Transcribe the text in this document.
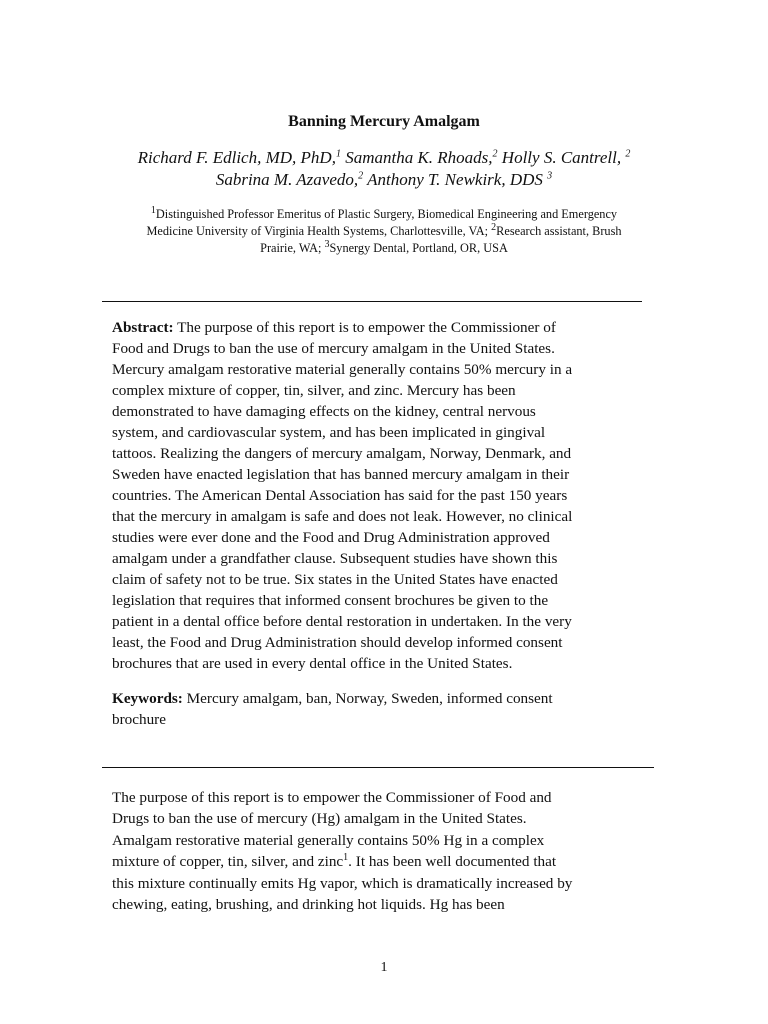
Banning Mercury Amalgam
Richard F. Edlich, MD, PhD,$^1$ Samantha K. Rhoads,$^2$ Holly S. Cantrell, $^2$
Sabrina M. Azavedo,$^2$ Anthony T. Newkirk, DDS $^3$
$^1$Distinguished Professor Emeritus of Plastic Surgery, Biomedical Engineering and Emergency
Medicine University of Virginia Health Systems, Charlottesville, VA; $^2$Research assistant, Brush
Prairie, WA; $^3$Synergy Dental, Portland, OR, USA
Abstract: The purpose of this report is to empower the Commissioner of
Food and Drugs to ban the use of mercury amalgam in the United States.
Mercury amalgam restorative material generally contains 50% mercury in a
complex mixture of copper, tin, silver, and zinc. Mercury has been
demonstrated to have damaging effects on the kidney, central nervous
system, and cardiovascular system, and has been implicated in gingival
tattoos. Realizing the dangers of mercury amalgam, Norway, Denmark, and
Sweden have enacted legislation that has banned mercury amalgam in their
countries. The American Dental Association has said for the past 150 years
that the mercury in amalgam is safe and does not leak. However, no clinical
studies were ever done and the Food and Drug Administration approved
amalgam under a grandfather clause. Subsequent studies have shown this
claim of safety not to be true. Six states in the United States have enacted
legislation that requires that informed consent brochures be given to the
patient in a dental office before dental restoration in undertaken. In the very
least, the Food and Drug Administration should develop informed consent
brochures that are used in every dental office in the United States.
Keywords: Mercury amalgam, ban, Norway, Sweden, informed consent
brochure
The purpose of this report is to empower the Commissioner of Food and
Drugs to ban the use of mercury (Hg) amalgam in the United States.
Amalgam restorative material generally contains 50% Hg in a complex
mixture of copper, tin, silver, and zinc$^1$. It has been well documented that
this mixture continually emits Hg vapor, which is dramatically increased by
chewing, eating, brushing, and drinking hot liquids. Hg has been
1
